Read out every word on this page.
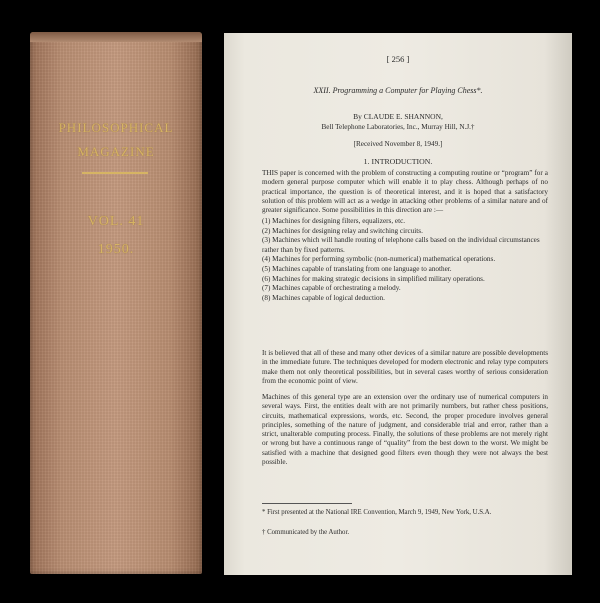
PHILOSOPHICAL
MAGAZINE
VOL. 41
1950.
[ 256 ]
XXII. Programming a Computer for Playing Chess*.
By CLAUDE E. SHANNON,
Bell Telephone Laboratories, Inc., Murray Hill, N.J.†
[Received November 8, 1949.]
1. INTRODUCTION.
THIS paper is concerned with the problem of constructing a computing routine or “program” for a modern general purpose computer which will enable it to play chess. Although perhaps of no practical importance, the question is of theoretical interest, and it is hoped that a satisfactory solution of this problem will act as a wedge in attacking other problems of a similar nature and of greater significance. Some possibilities in this direction are :—
(1) Machines for designing filters, equalizers, etc.
(2) Machines for designing relay and switching circuits.
(3) Machines which will handle routing of telephone calls based on the individual circumstances rather than by fixed patterns.
(4) Machines for performing symbolic (non-numerical) mathematical operations.
(5) Machines capable of translating from one language to another.
(6) Machines for making strategic decisions in simplified military operations.
(7) Machines capable of orchestrating a melody.
(8) Machines capable of logical deduction.
It is believed that all of these and many other devices of a similar nature are possible developments in the immediate future. The techniques developed for modern electronic and relay type computers make them not only theoretical possibilities, but in several cases worthy of serious consideration from the economic point of view.
Machines of this general type are an extension over the ordinary use of numerical computers in several ways. First, the entities dealt with are not primarily numbers, but rather chess positions, circuits, mathematical expressions, words, etc. Second, the proper procedure involves general principles, something of the nature of judgment, and considerable trial and error, rather than a strict, unalterable computing process. Finally, the solutions of these problems are not merely right or wrong but have a continuous range of “quality” from the best down to the worst. We might be satisfied with a machine that designed good filters even though they were not always the best possible.
* First presented at the National IRE Convention, March 9, 1949, New York, U.S.A.
† Communicated by the Author.
